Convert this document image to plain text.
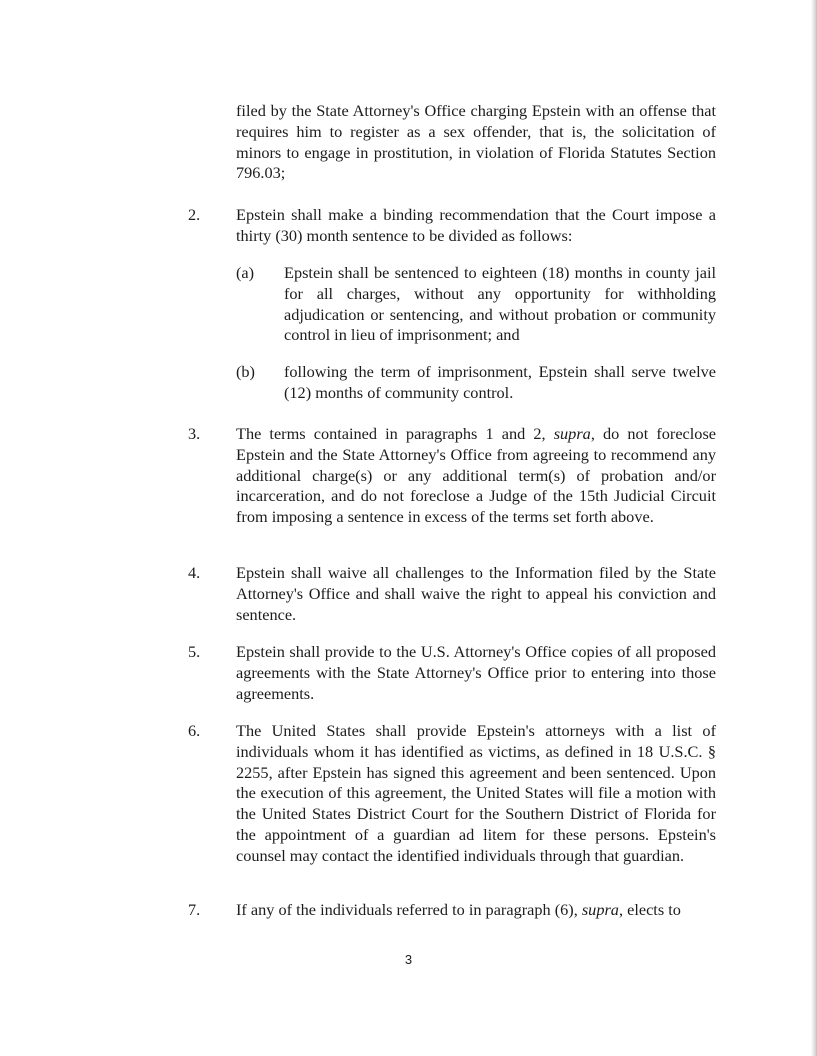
filed by the State Attorney's Office charging Epstein with an offense that requires him to register as a sex offender, that is, the solicitation of minors to engage in prostitution, in violation of Florida Statutes Section 796.03;

2. Epstein shall make a binding recommendation that the Court impose a thirty (30) month sentence to be divided as follows:

(a) Epstein shall be sentenced to eighteen (18) months in county jail for all charges, without any opportunity for withholding adjudication or sentencing, and without probation or community control in lieu of imprisonment; and

(b) following the term of imprisonment, Epstein shall serve twelve (12) months of community control.

3. The terms contained in paragraphs 1 and 2, supra, do not foreclose Epstein and the State Attorney's Office from agreeing to recommend any additional charge(s) or any additional term(s) of probation and/or incarceration, and do not foreclose a Judge of the 15th Judicial Circuit from imposing a sentence in excess of the terms set forth above.

4. Epstein shall waive all challenges to the Information filed by the State Attorney's Office and shall waive the right to appeal his conviction and sentence.

5. Epstein shall provide to the U.S. Attorney's Office copies of all proposed agreements with the State Attorney's Office prior to entering into those agreements.

6. The United States shall provide Epstein's attorneys with a list of individuals whom it has identified as victims, as defined in 18 U.S.C. § 2255, after Epstein has signed this agreement and been sentenced. Upon the execution of this agreement, the United States will file a motion with the United States District Court for the Southern District of Florida for the appointment of a guardian ad litem for these persons. Epstein's counsel may contact the identified individuals through that guardian.

7. If any of the individuals referred to in paragraph (6), supra, elects to

3
